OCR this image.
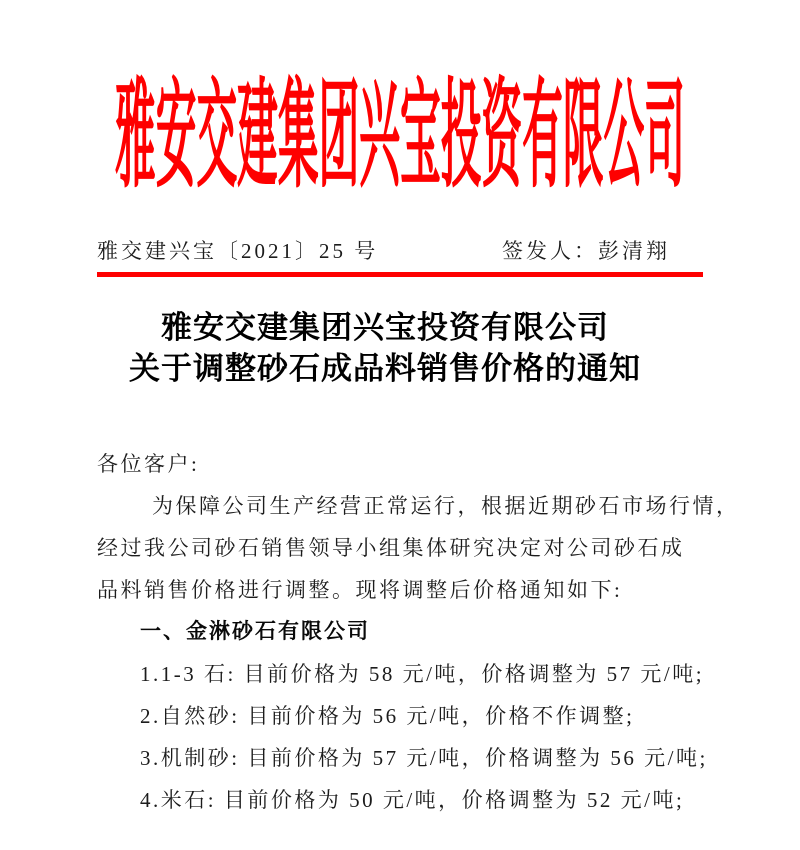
雅安交建集团兴宝投资有限公司
雅交建兴宝〔2021〕25 号	签发人：彭清翔
雅安交建集团兴宝投资有限公司
关于调整砂石成品料销售价格的通知
各位客户:
为保障公司生产经营正常运行，根据近期砂石市场行情，
经过我公司砂石销售领导小组集体研究决定对公司砂石成
品料销售价格进行调整。现将调整后价格通知如下:
一、金淋砂石有限公司
1.1-3 石: 目前价格为 58 元/吨，价格调整为 57 元/吨;
2.自然砂: 目前价格为 56 元/吨，价格不作调整;
3.机制砂: 目前价格为 57 元/吨，价格调整为 56 元/吨;
4.米石: 目前价格为 50 元/吨，价格调整为 52 元/吨;
